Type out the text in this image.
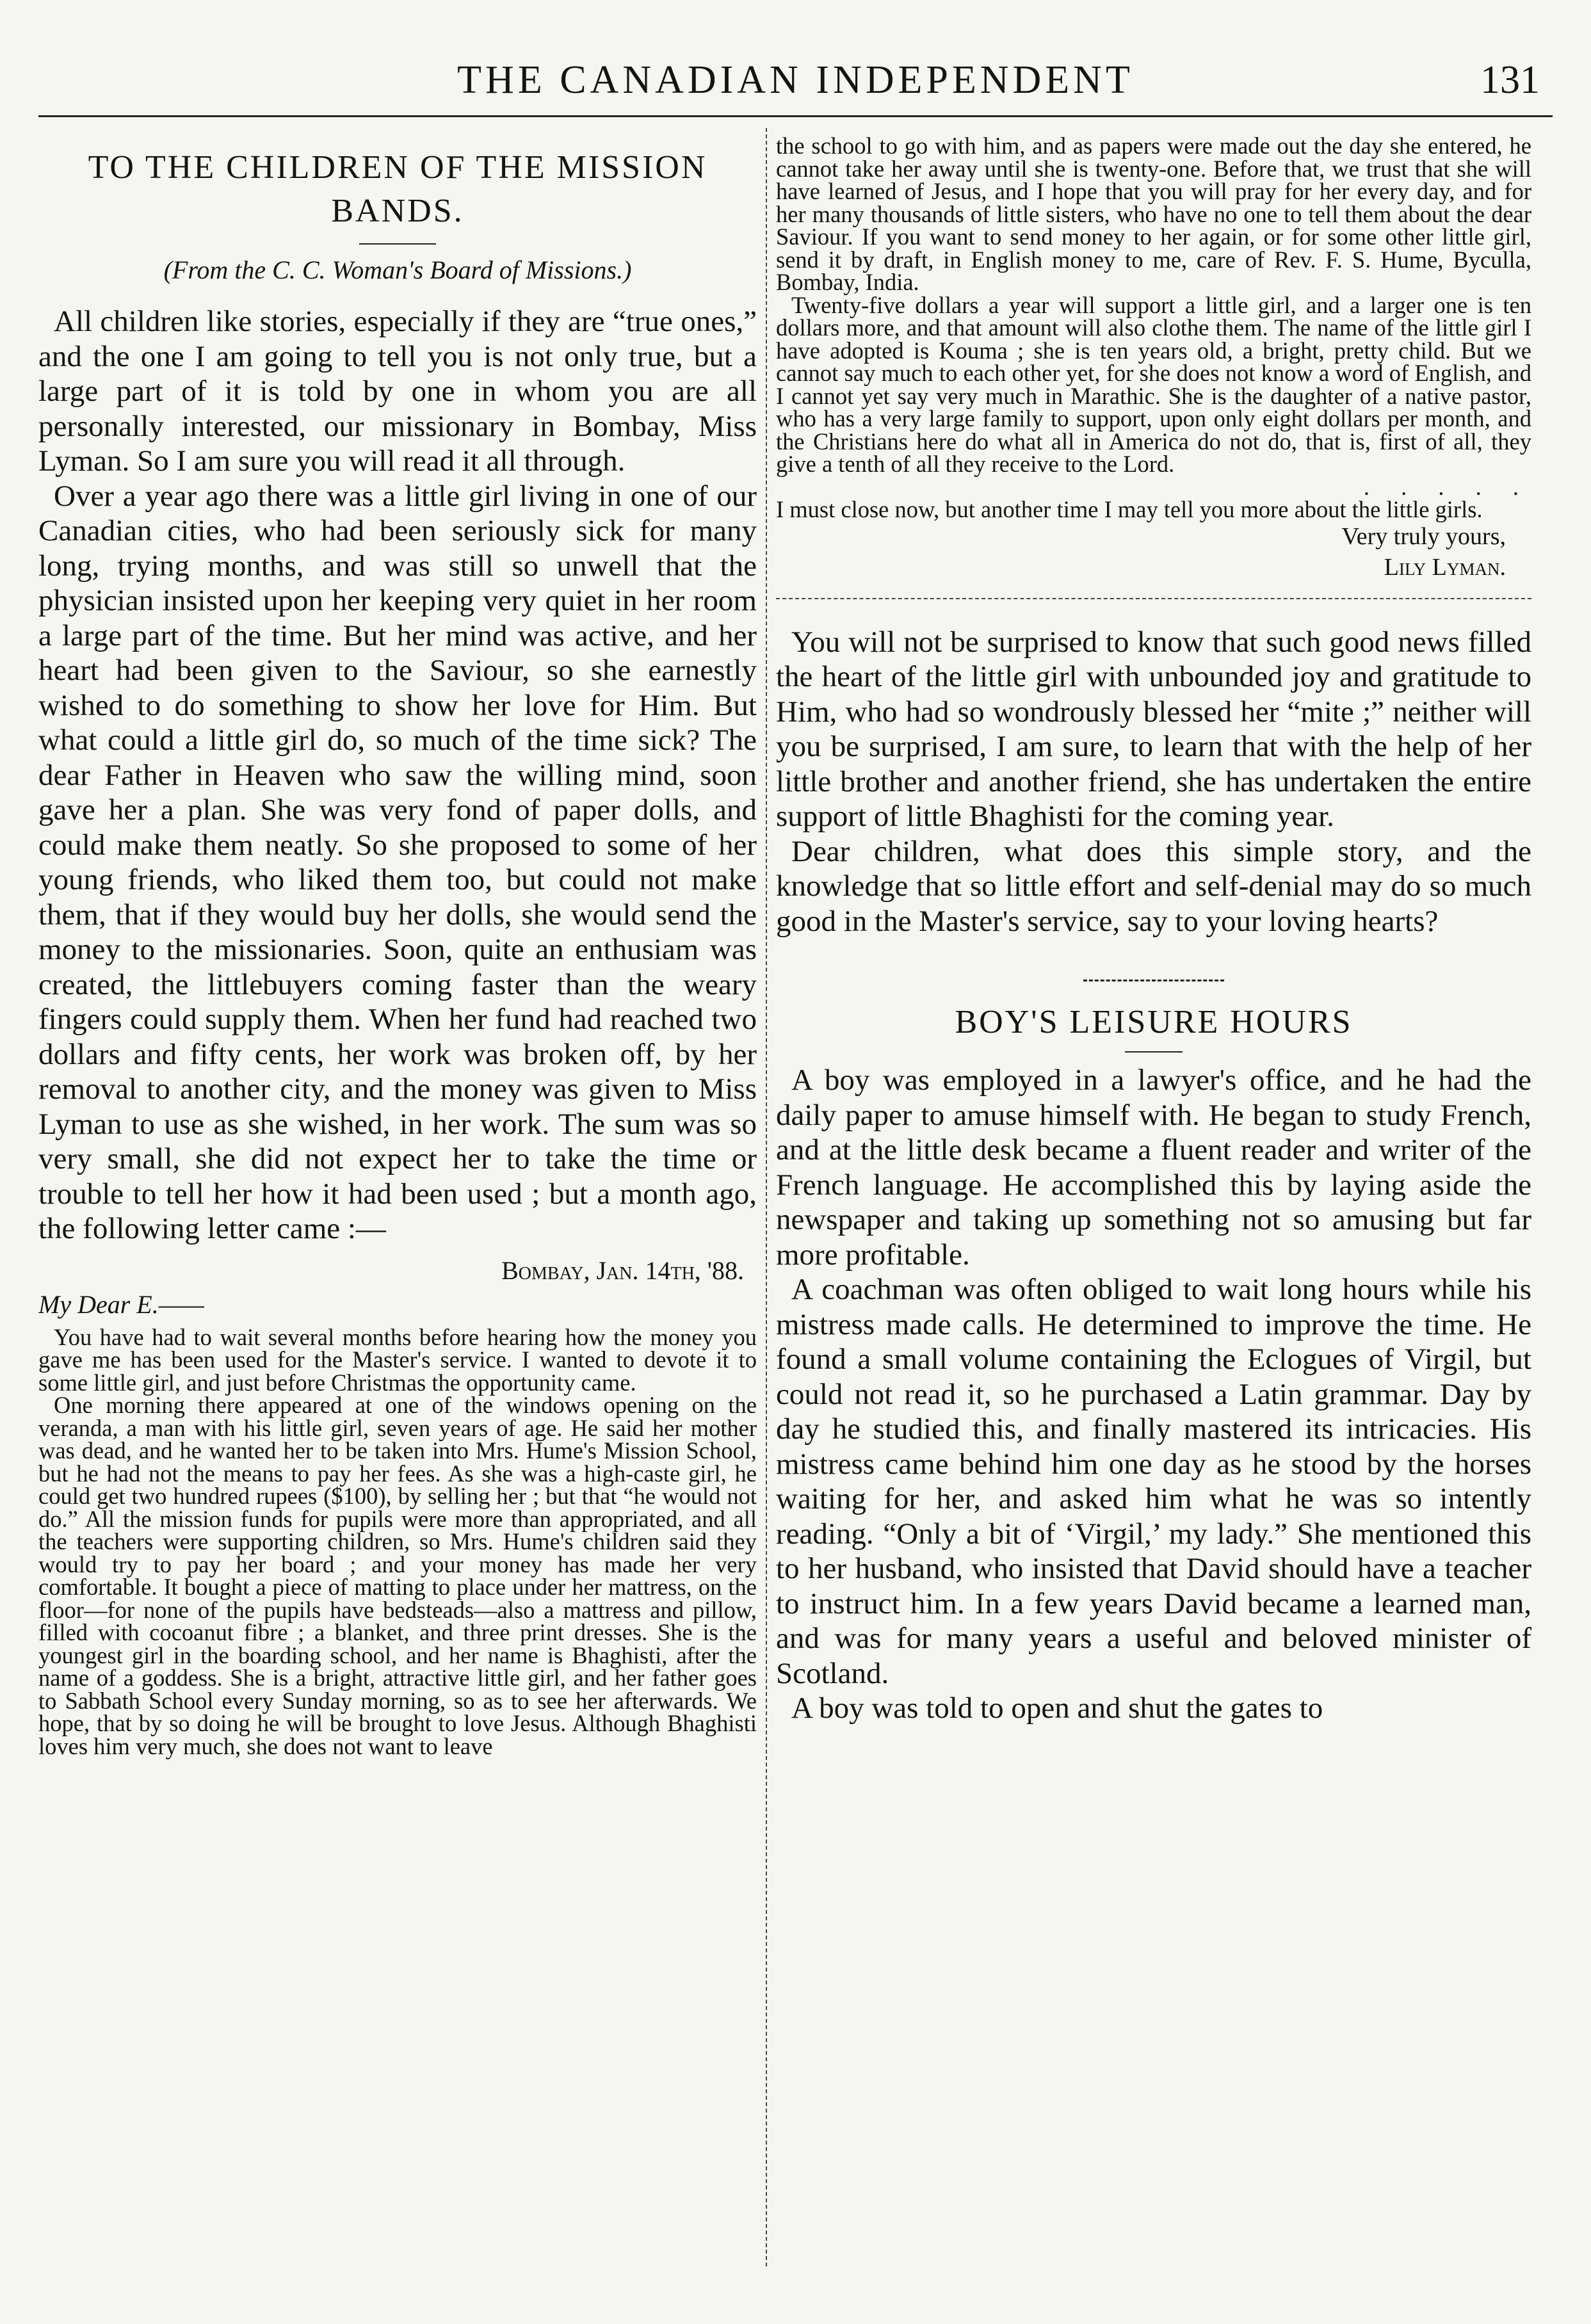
THE CANADIAN INDEPENDENT	131
TO THE CHILDREN OF THE MISSION BANDS.
(From the C. C. Woman's Board of Missions.)

All children like stories, especially if they are “true ones,” and the one I am going to tell you is not only true, but a large part of it is told by one in whom you are all personally interested, our missionary in Bombay, Miss Lyman. So I am sure you will read it all through.

Over a year ago there was a little girl living in one of our Canadian cities, who had been seriously sick for many long, trying months, and was still so unwell that the physician insisted upon her keeping very quiet in her room a large part of the time. But her mind was active, and her heart had been given to the Saviour, so she earnestly wished to do something to show her love for Him. But what could a little girl do, so much of the time sick? The dear Father in Heaven who saw the willing mind, soon gave her a plan. She was very fond of paper dolls, and could make them neatly. So she proposed to some of her young friends, who liked them too, but could not make them, that if they would buy her dolls, she would send the money to the missionaries. Soon, quite an enthusiam was created, the littlebuyers coming faster than the weary fingers could supply them. When her fund had reached two dollars and fifty cents, her work was broken off, by her removal to another city, and the money was given to Miss Lyman to use as she wished, in her work. The sum was so very small, she did not expect her to take the time or trouble to tell her how it had been used ; but a month ago, the following letter came :—

Bombay, Jan. 14th, '88.
My Dear E.——

You have had to wait several months before hearing how the money you gave me has been used for the Master's service. I wanted to devote it to some little girl, and just before Christmas the opportunity came.

One morning there appeared at one of the windows opening on the veranda, a man with his little girl, seven years of age. He said her mother was dead, and he wanted her to be taken into Mrs. Hume's Mission School, but he had not the means to pay her fees. As she was a high-caste girl, he could get two hundred rupees ($100), by selling her ; but that “he would not do.” All the mission funds for pupils were more than appropriated, and all the teachers were supporting children, so Mrs. Hume's children said they would try to pay her board ; and your money has made her very comfortable. It bought a piece of matting to place under her mattress, on the floor—for none of the pupils have bedsteads—also a mattress and pillow, filled with cocoanut fibre ; a blanket, and three print dresses. She is the youngest girl in the boarding school, and her name is Bhaghisti, after the name of a goddess. She is a bright, attractive little girl, and her father goes to Sabbath School every Sunday morning, so as to see her afterwards. We hope, that by so doing he will be brought to love Jesus. Although Bhaghisti loves him very much, she does not want to leave

the school to go with him, and as papers were made out the day she entered, he cannot take her away until she is twenty-one. Before that, we trust that she will have learned of Jesus, and I hope that you will pray for her every day, and for her many thousands of little sisters, who have no one to tell them about the dear Saviour. If you want to send money to her again, or for some other little girl, send it by draft, in English money to me, care of Rev. F. S. Hume, Byculla, Bombay, India.

Twenty-five dollars a year will support a little girl, and a larger one is ten dollars more, and that amount will also clothe them. The name of the little girl I have adopted is Kouma ; she is ten years old, a bright, pretty child. But we cannot say much to each other yet, for she does not know a word of English, and I cannot yet say very much in Marathic. She is the daughter of a native pastor, who has a very large family to support, upon only eight dollars per month, and the Christians here do what all in America do not do, that is, first of all, they give a tenth of all they receive to the Lord.

. . . . .

I must close now, but another time I may tell you more about the little girls.

Very truly yours,
Lily Lyman.

You will not be surprised to know that such good news filled the heart of the little girl with unbounded joy and gratitude to Him, who had so wondrously blessed her “mite ;” neither will you be surprised, I am sure, to learn that with the help of her little brother and another friend, she has undertaken the entire support of little Bhaghisti for the coming year.

Dear children, what does this simple story, and the knowledge that so little effort and self-denial may do so much good in the Master's service, say to your loving hearts?

BOY'S LEISURE HOURS

A boy was employed in a lawyer's office, and he had the daily paper to amuse himself with. He began to study French, and at the little desk became a fluent reader and writer of the French language. He accomplished this by laying aside the newspaper and taking up something not so amusing but far more profitable.

A coachman was often obliged to wait long hours while his mistress made calls. He determined to improve the time. He found a small volume containing the Eclogues of Virgil, but could not read it, so he purchased a Latin grammar. Day by day he studied this, and finally mastered its intricacies. His mistress came behind him one day as he stood by the horses waiting for her, and asked him what he was so intently reading. “Only a bit of ‘Virgil,’ my lady.” She mentioned this to her husband, who insisted that David should have a teacher to instruct him. In a few years David became a learned man, and was for many years a useful and beloved minister of Scotland.

A boy was told to open and shut the gates to
